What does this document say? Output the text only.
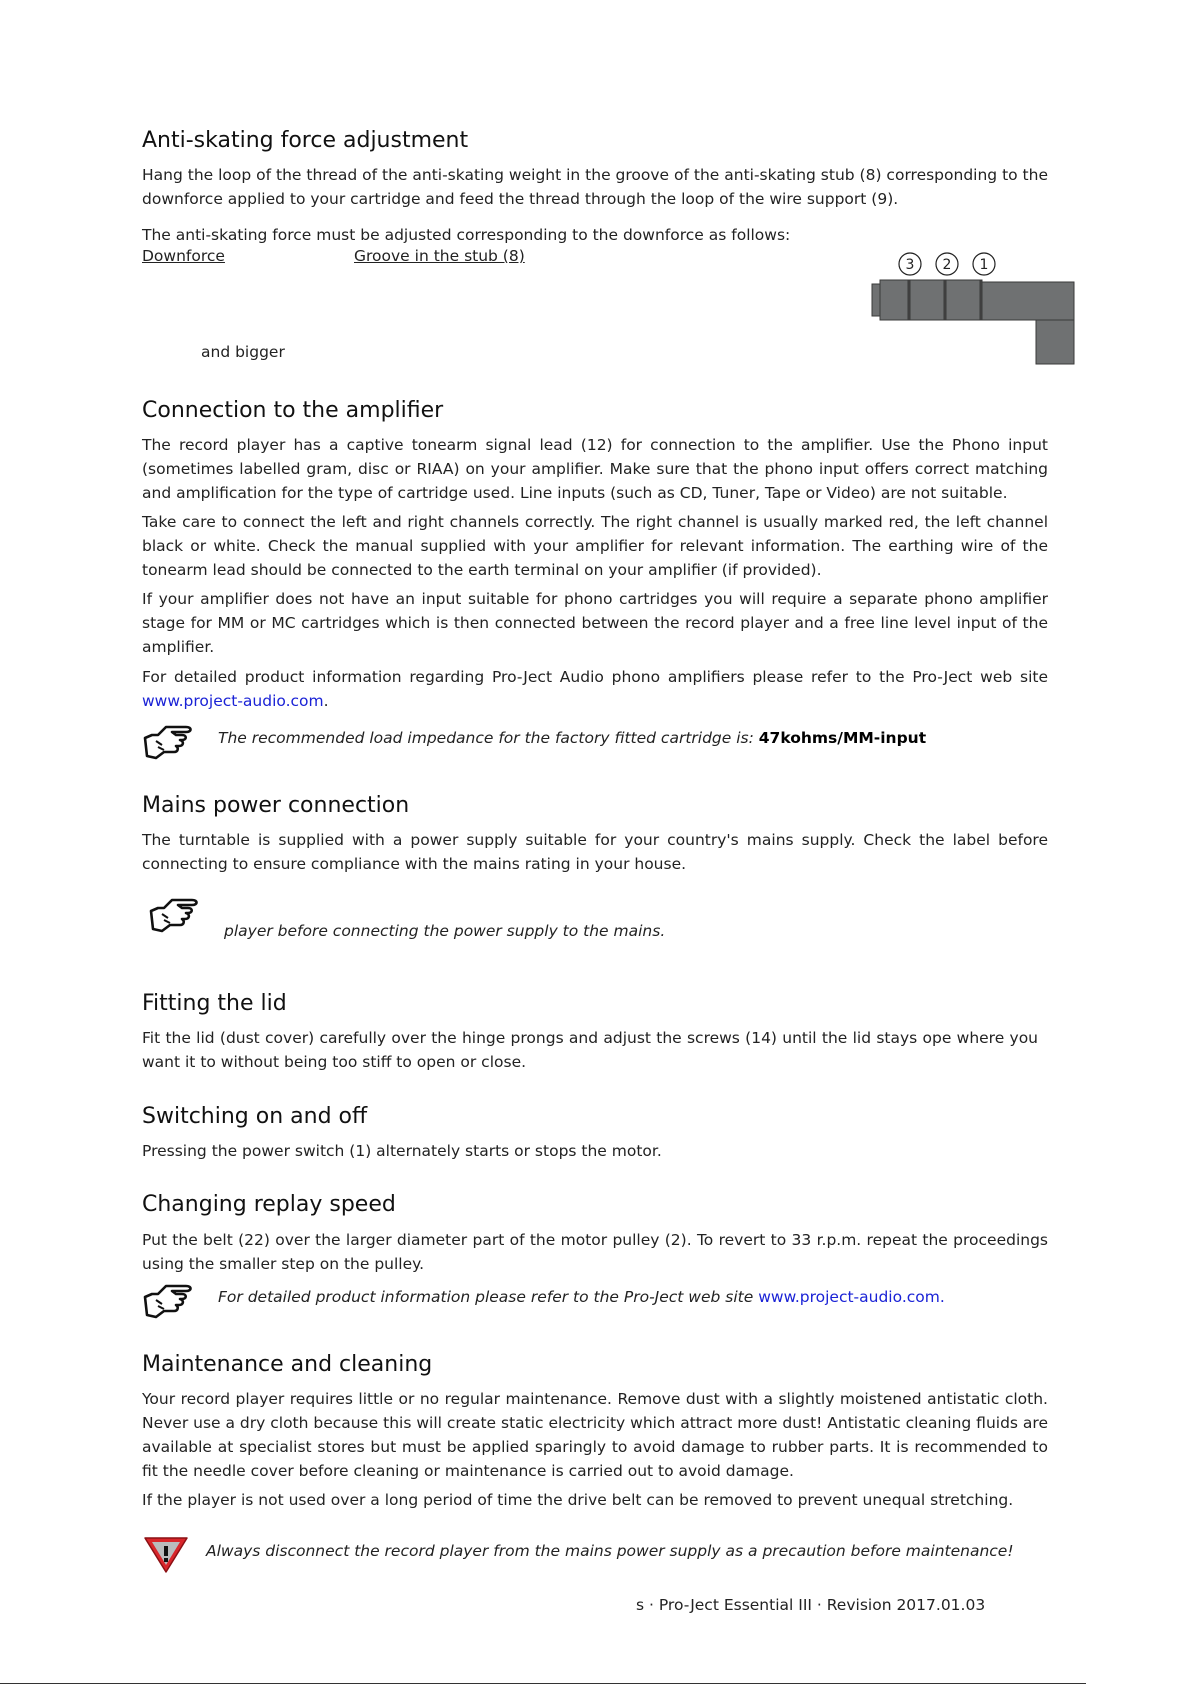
Anti-skating force adjustment

Hang the loop of the thread of the anti-skating weight in the groove of the anti-skating stub (8) corresponding to the downforce applied to your cartridge and feed the thread through the loop of the wire support (9).

The anti-skating force must be adjusted corresponding to the downforce as follows:

Downforce	Groove in the stub (8)
and bigger
3 2 1
Connection to the amplifier

The record player has a captive tonearm signal lead (12) for connection to the amplifier. Use the Phono input (sometimes labelled gram, disc or RIAA) on your amplifier. Make sure that the phono input offers correct matching and amplification for the type of cartridge used. Line inputs (such as CD, Tuner, Tape or Video) are not suitable.

Take care to connect the left and right channels correctly. The right channel is usually marked red, the left channel black or white. Check the manual supplied with your amplifier for relevant information. The earthing wire of the tonearm lead should be connected to the earth terminal on your amplifier (if provided).

If your amplifier does not have an input suitable for phono cartridges you will require a separate phono amplifier stage for MM or MC cartridges which is then connected between the record player and a free line level input of the amplifier.

For detailed product information regarding Pro-Ject Audio phono amplifiers please refer to the Pro-Ject web site www.project-audio.com.

The recommended load impedance for the factory fitted cartridge is: 47kohms/MM-input
Mains power connection

The turntable is supplied with a power supply suitable for your country's mains supply. Check the label before connecting to ensure compliance with the mains rating in your house.

player before connecting the power supply to the mains.
Fitting the lid

Fit the lid (dust cover) carefully over the hinge prongs and adjust the screws (14) until the lid stays ope where you want it to without being too stiff to open or close.

Switching on and off

Pressing the power switch (1) alternately starts or stops the motor.

Changing replay speed

Put the belt (22) over the larger diameter part of the motor pulley (2). To revert to 33 r.p.m. repeat the proceedings using the smaller step on the pulley.

For detailed product information please refer to the Pro-Ject web site www.project-audio.com.
Maintenance and cleaning

Your record player requires little or no regular maintenance. Remove dust with a slightly moistened antistatic cloth. Never use a dry cloth because this will create static electricity which attract more dust! Antistatic cleaning fluids are available at specialist stores but must be applied sparingly to avoid damage to rubber parts. It is recommended to fit the needle cover before cleaning or maintenance is carried out to avoid damage.

If the player is not used over a long period of time the drive belt can be removed to prevent unequal stretching.

Always disconnect the record player from the mains power supply as a precaution before maintenance!
s · Pro-Ject Essential III · Revision 2017.01.03
